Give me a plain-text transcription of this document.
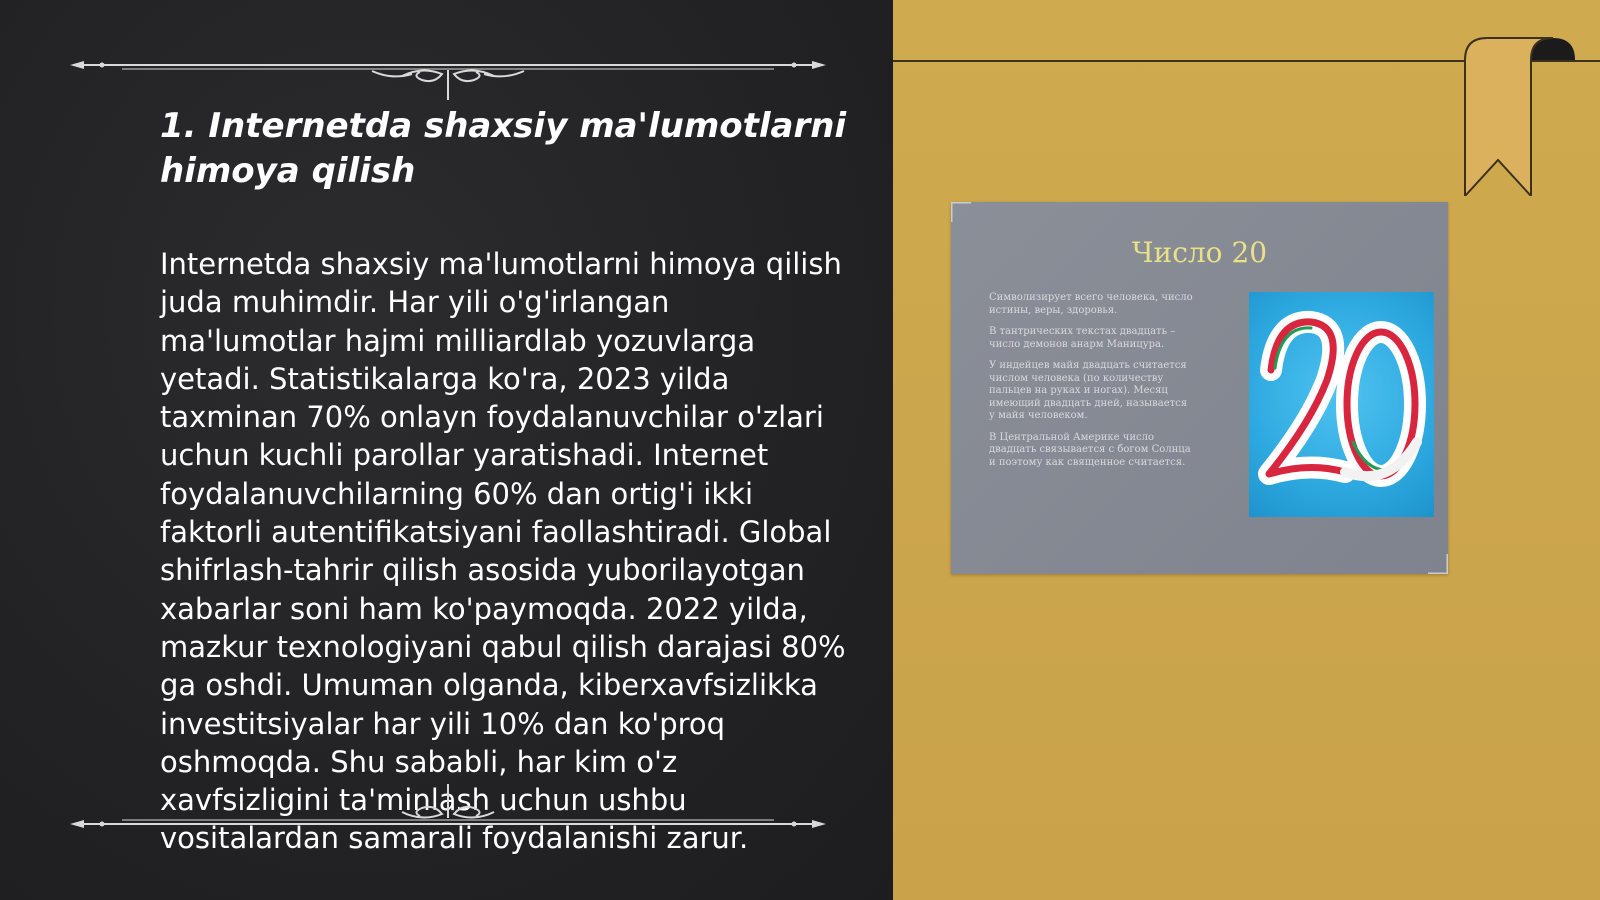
1. Internetda shaxsiy ma'lumotlarni himoya qilish

Internetda shaxsiy ma'lumotlarni himoya qilish juda muhimdir. Har yili o'g'irlangan ma'lumotlar hajmi milliardlab yozuvlarga yetadi. Statistikalarga ko'ra, 2023 yilda taxminan 70% onlayn foydalanuvchilar o'zlari uchun kuchli parollar yaratishadi. Internet foydalanuvchilarning 60% dan ortig'i ikki faktorli autentifikatsiyani faollashtiradi. Global shifrlash-tahrir qilish asosida yuborilayotgan xabarlar soni ham ko'paymoqda. 2022 yilda, mazkur texnologiyani qabul qilish darajasi 80% ga oshdi. Umuman olganda, kiberxavfsizlikka investitsiyalar har yili 10% dan ko'proq oshmoqda. Shu sababli, har kim o'z xavfsizligini ta'minlash uchun ushbu vositalardan samarali foydalanishi zarur.

Число 20

Символизирует всего человека, число истины, веры, здоровья.

В тантрических текстах двадцать – число демонов анарм Маницура.

У индейцев майя двадцать считается числом человека (по количеству пальцев на руках и ногах). Месяц имеющий двадцать дней, называется у майя человеком.

В Центральной Америке число двадцать связывается с богом Солнца и поэтому как священное считается.
